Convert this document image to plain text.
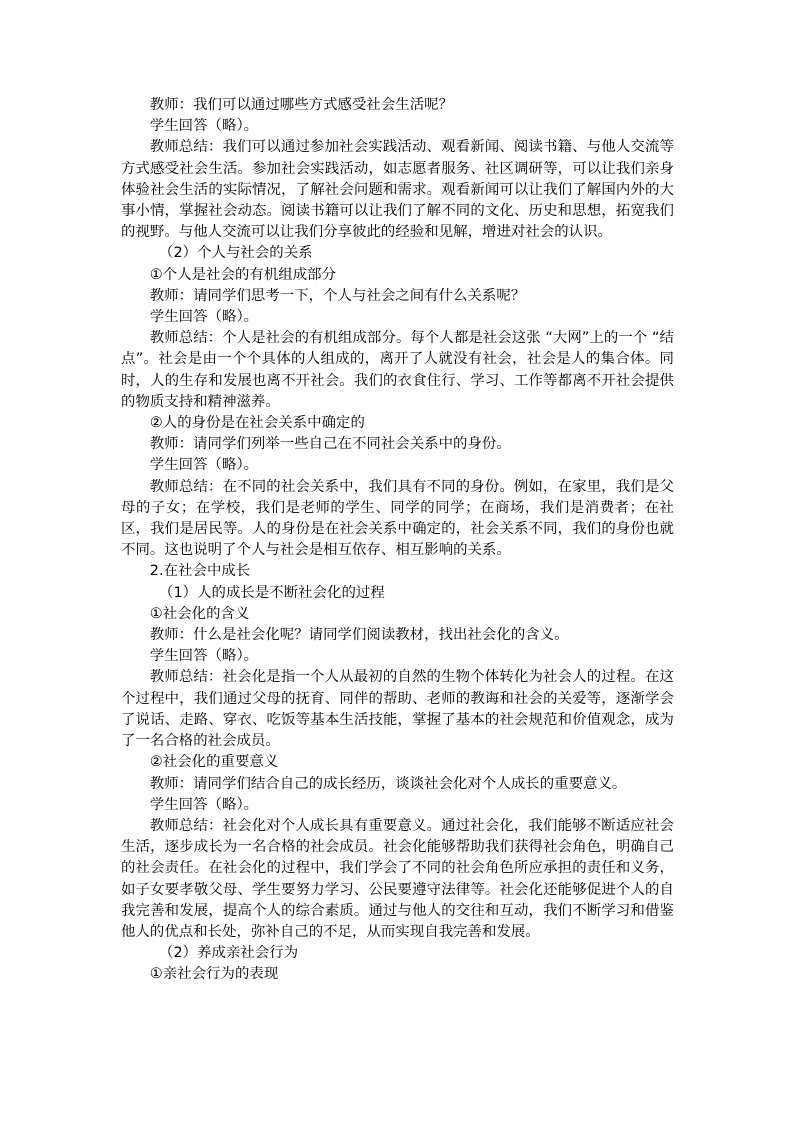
教师：我们可以通过哪些方式感受社会生活呢？

学生回答（略）。

教师总结：我们可以通过参加社会实践活动、观看新闻、阅读书籍、与他人交流等方式感受社会生活。参加社会实践活动，如志愿者服务、社区调研等，可以让我们亲身体验社会生活的实际情况，了解社会问题和需求。观看新闻可以让我们了解国内外的大事小情，掌握社会动态。阅读书籍可以让我们了解不同的文化、历史和思想，拓宽我们的视野。与他人交流可以让我们分享彼此的经验和见解，增进对社会的认识。

（2）个人与社会的关系

①个人是社会的有机组成部分

教师：请同学们思考一下，个人与社会之间有什么关系呢？

学生回答（略）。

教师总结：个人是社会的有机组成部分。每个人都是社会这张 “大网”上的一个 “结点”。社会是由一个个具体的人组成的，离开了人就没有社会，社会是人的集合体。同时，人的生存和发展也离不开社会。我们的衣食住行、学习、工作等都离不开社会提供的物质支持和精神滋养。

②人的身份是在社会关系中确定的

教师：请同学们列举一些自己在不同社会关系中的身份。

学生回答（略）。

教师总结：在不同的社会关系中，我们具有不同的身份。例如，在家里，我们是父母的子女；在学校，我们是老师的学生、同学的同学；在商场，我们是消费者；在社区，我们是居民等。人的身份是在社会关系中确定的，社会关系不同，我们的身份也就不同。这也说明了个人与社会是相互依存、相互影响的关系。

2.在社会中成长

（1）人的成长是不断社会化的过程

①社会化的含义

教师：什么是社会化呢？请同学们阅读教材，找出社会化的含义。

学生回答（略）。

教师总结：社会化是指一个人从最初的自然的生物个体转化为社会人的过程。在这个过程中，我们通过父母的抚育、同伴的帮助、老师的教诲和社会的关爱等，逐渐学会了说话、走路、穿衣、吃饭等基本生活技能，掌握了基本的社会规范和价值观念，成为了一名合格的社会成员。

②社会化的重要意义

教师：请同学们结合自己的成长经历，谈谈社会化对个人成长的重要意义。

学生回答（略）。

教师总结：社会化对个人成长具有重要意义。通过社会化，我们能够不断适应社会生活，逐步成长为一名合格的社会成员。社会化能够帮助我们获得社会角色，明确自己的社会责任。在社会化的过程中，我们学会了不同的社会角色所应承担的责任和义务，如子女要孝敬父母、学生要努力学习、公民要遵守法律等。社会化还能够促进个人的自我完善和发展，提高个人的综合素质。通过与他人的交往和互动，我们不断学习和借鉴他人的优点和长处，弥补自己的不足，从而实现自我完善和发展。

（2）养成亲社会行为

①亲社会行为的表现
